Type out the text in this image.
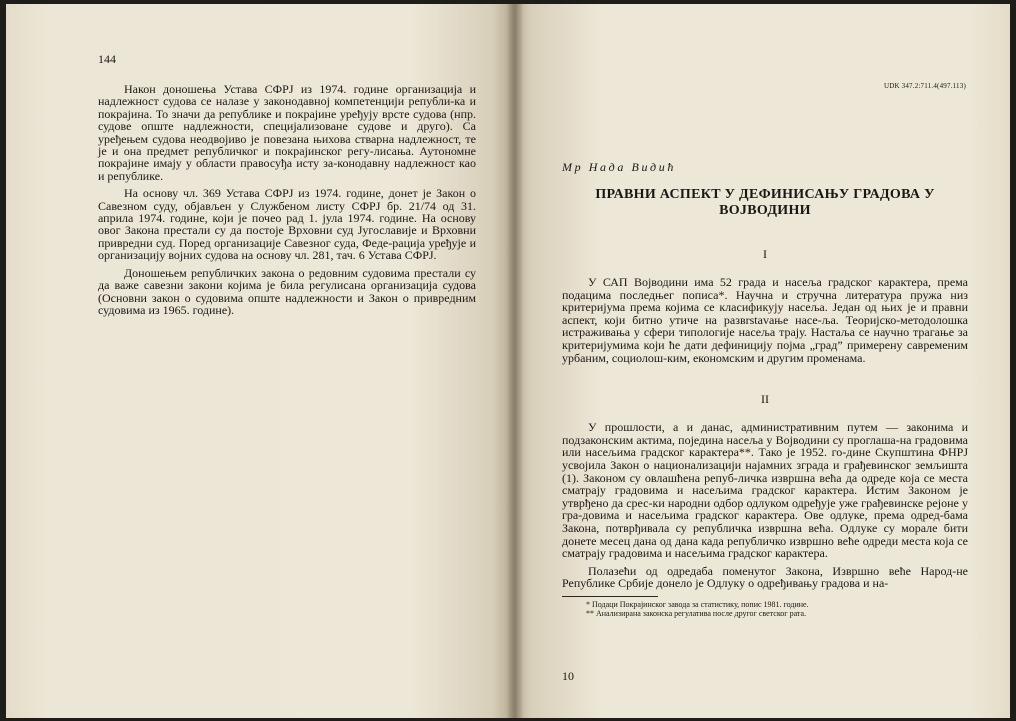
144

Након доношења Устава СФРЈ из 1974. године организација и надлежност судова се налазе у законодавној компетенцији републи-ка и покрајина. То значи да републике и покрајине уређују врсте судова (нпр. судове опште надлежности, специјализоване судове и друго). Са уређењем судова неодвојиво је повезана њихова стварна надлежност, те је и она предмет републичког и покрајинског регу-лисања. Аутономне покрајине имају у области правосуђа исту за-конодавну надлежност као и републике.

На основу чл. 369 Устава СФРЈ из 1974. године, донет је Закон о Савезном суду, објављен у Службеном листу СФРЈ бр. 21/74 од 31. априла 1974. године, који је почео рад 1. јула 1974. године. На основу овог Закона престали су да постоје Врховни суд Југославије и Врховни привредни суд. Поред организације Савезног суда, Феде-рација уређује и организацију војних судова на основу чл. 281, тач. 6 Устава СФРЈ.

Доношењем републичких закона о редовним судовима престали су да важе савезни закони којима је била регулисана организација судова (Основни закон о судовима опште надлежности и Закон о привредним судовима из 1965. године).

UDK 347.2:711.4(497.113)
Мр Нада Видић
ПРАВНИ АСПЕКТ У ДЕФИНИСАЊУ ГРАДОВА У ВОЈВОДИНИ
I

У САП Војводини има 52 града и насеља градског карактера, према подацима последњег пописа*. Научна и стручна литература пружа низ критеријума према којима се класификују насеља. Један од њих је и правни аспект, који битно утиче на развrstavање насе-ља. Теоријско-методолошка истраживања у сфери типологије насеља трају. Настаља се научно трагање за критеријумима који ће дати дефиницију појма „град” примерену савременим урбаним, социолош-ким, економским и другим променама.

II

У прошлости, а и данас, административним путем — законима и подзаконским актима, поједина насеља у Војводини су проглаша-на градовима или насељима градског карактера**. Тако је 1952. го-дине Скупштина ФНРЈ усвојила Закон о национализацији најамних зграда и грађевинског земљишта (1). Законом су овлашћена репуб-личка извршна већа да одреде која се места сматрају градовима и насељима градског карактера. Истим Законом је утврђено да срес-ки народни одбор одлуком одређује уже грађевинске рејоне у гра-довима и насељима градског карактера. Ове одлуке, према одред-бама Закона, потврђивала су републичка извршна већа. Одлуке су морале бити донете месец дана од дана када републичко извршно веће одреди места која се сматрају градовима и насељима градског карактера.

Полазећи од одредаба поменутог Закона, Извршно веће Народ-не Републике Србије донело је Одлуку о одређивању градова и на-

* Подаци Покрајинског завода за статистику, попис 1981. године.
** Анализирана законска регулатива после другог светског рата.
10
